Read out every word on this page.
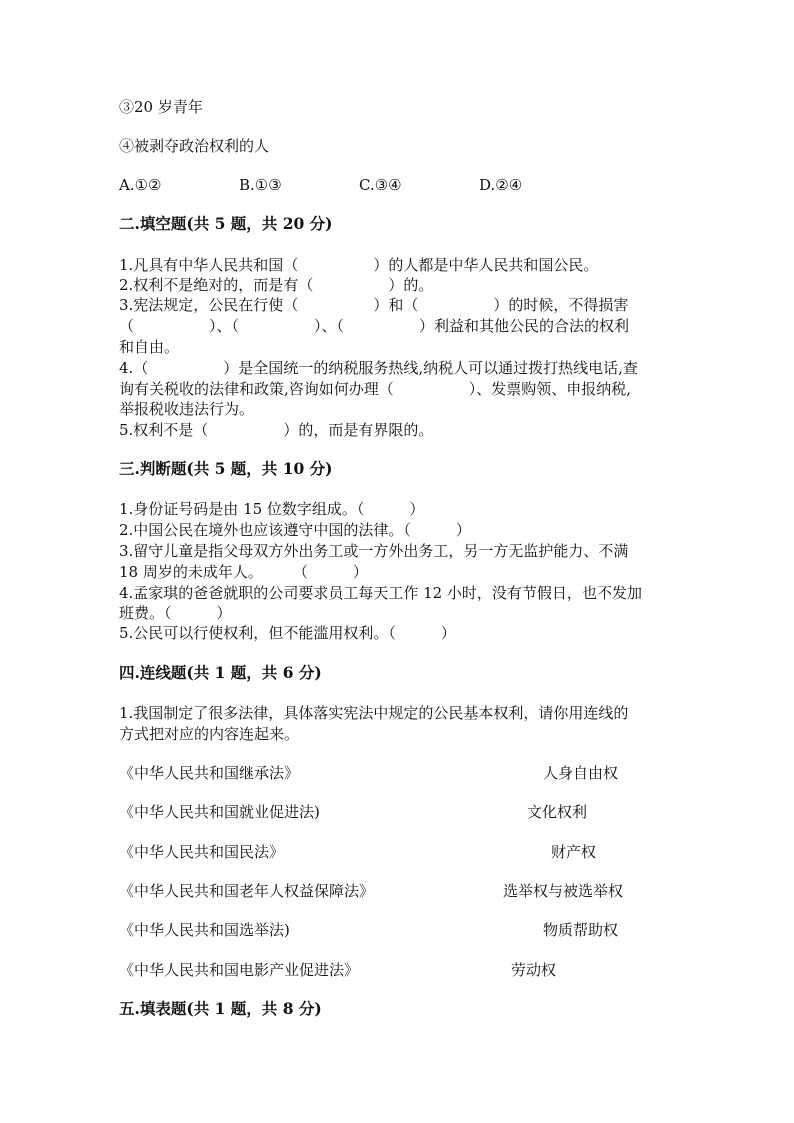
③20 岁青年
④被剥夺政治权利的人
A.①②	B.①③	C.③④	D.②④
二.填空题(共 5 题，共 20 分)
1.凡具有中华人民共和国（　　　　　）的人都是中华人民共和国公民。
2.权利不是绝对的，而是有（　　　　　）的。
3.宪法规定，公民在行使（　　　　　）和（　　　　　）的时候，不得损害
（　　　　　）、（　　　　　）、（　　　　　）利益和其他公民的合法的权利
和自由。
4.（　　　　　）是全国统一的纳税服务热线,纳税人可以通过拨打热线电话,查
询有关税收的法律和政策,咨询如何办理（　　　　　）、发票购领、申报纳税,
举报税收违法行为。
5.权利不是（　　　　　）的，而是有界限的。
三.判断题(共 5 题，共 10 分)
1.身份证号码是由 15 位数字组成。（　　　）
2.中国公民在境外也应该遵守中国的法律。（　　　）
3.留守儿童是指父母双方外出务工或一方外出务工，另一方无监护能力、不满
18 周岁的未成年人。　　　（　　　）
4.孟家琪的爸爸就职的公司要求员工每天工作 12 小时，没有节假日，也不发加
班费。（　　　）
5.公民可以行使权利，但不能滥用权利。（　　　）
四.连线题(共 1 题，共 6 分)
1.我国制定了很多法律，具体落实宪法中规定的公民基本权利，请你用连线的
方式把对应的内容连起来。
《中华人民共和国继承法》	人身自由权
《中华人民共和国就业促进法)	文化权利
《中华人民共和国民法》	财产权
《中华人民共和国老年人权益保障法》	选举权与被选举权
《中华人民共和国选举法)	物质帮助权
《中华人民共和国电影产业促进法》	劳动权
五.填表题(共 1 题，共 8 分)
